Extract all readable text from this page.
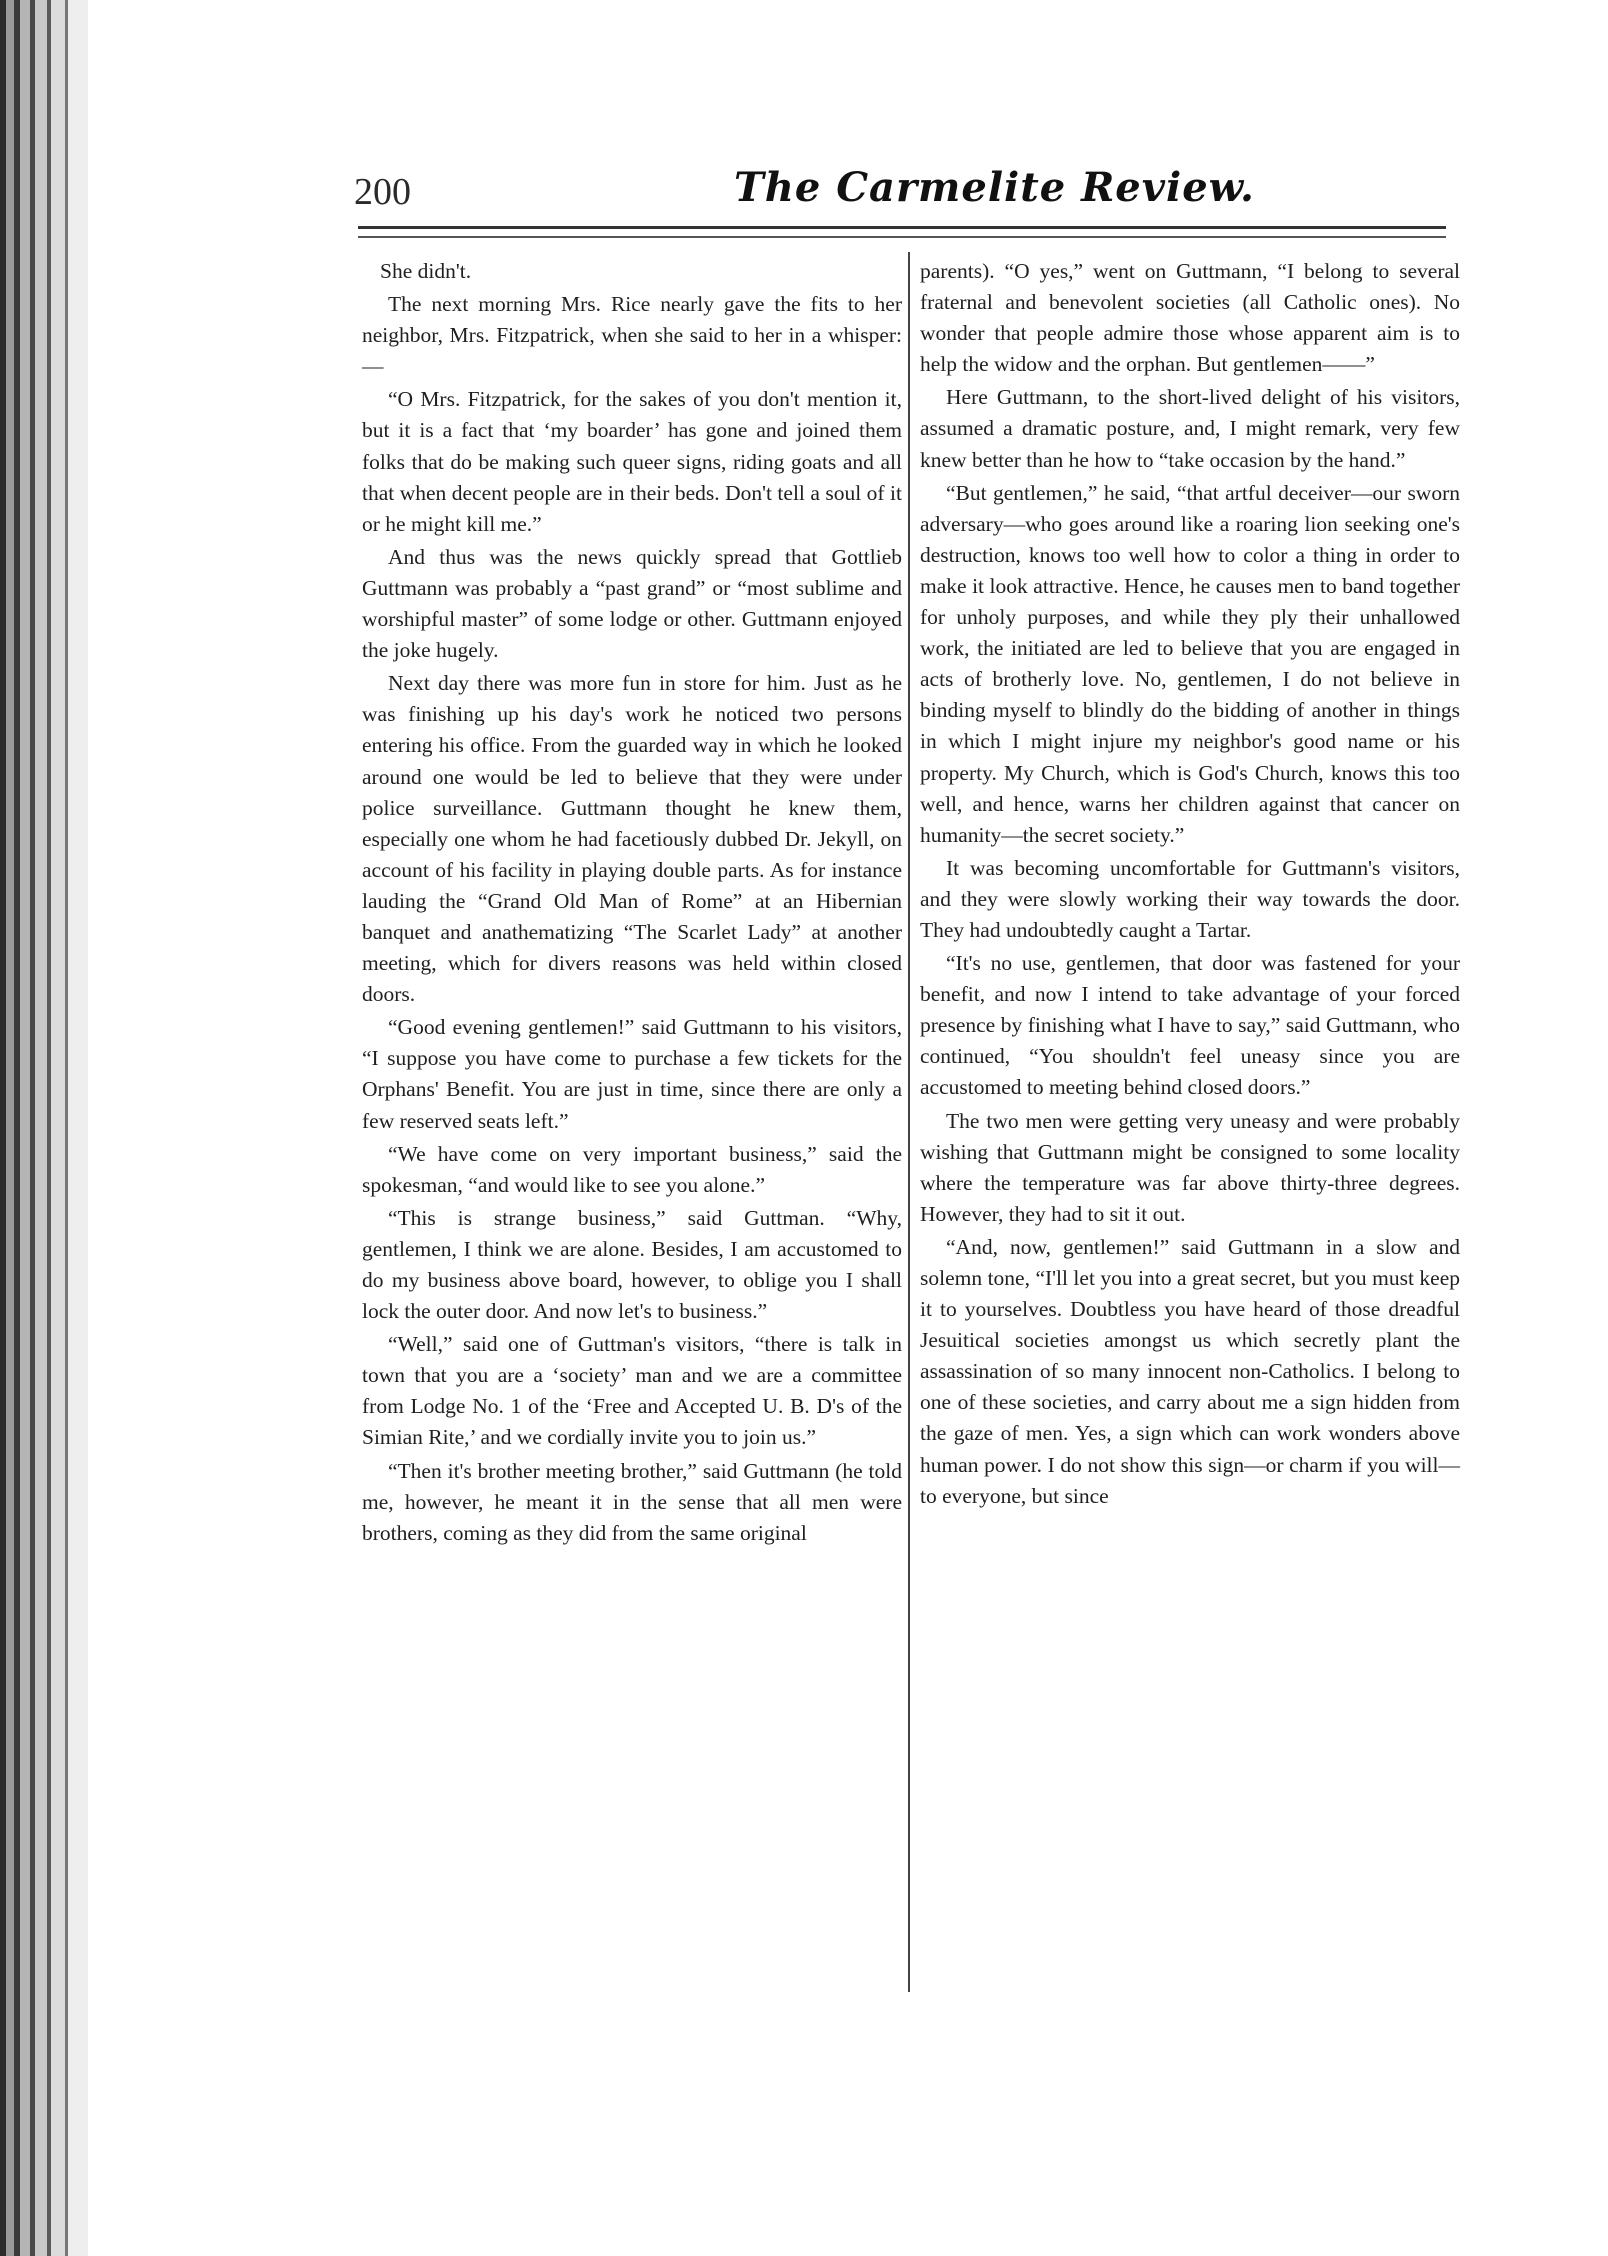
200	The Carmelite Review.

She didn't.

The next morning Mrs. Rice nearly gave the fits to her neighbor, Mrs. Fitzpatrick, when she said to her in a whisper:—

“O Mrs. Fitzpatrick, for the sakes of you don't mention it, but it is a fact that ‘my boarder’ has gone and joined them folks that do be making such queer signs, riding goats and all that when decent people are in their beds. Don't tell a soul of it or he might kill me.”

And thus was the news quickly spread that Gottlieb Guttmann was probably a “past grand” or “most sublime and worshipful master” of some lodge or other. Guttmann enjoyed the joke hugely.

Next day there was more fun in store for him. Just as he was finishing up his day's work he noticed two persons entering his office. From the guarded way in which he looked around one would be led to believe that they were under police surveillance. Guttmann thought he knew them, especially one whom he had facetiously dubbed Dr. Jekyll, on account of his facility in playing double parts. As for instance lauding the “Grand Old Man of Rome” at an Hibernian banquet and anathematizing “The Scarlet Lady” at another meeting, which for divers reasons was held within closed doors.

“Good evening gentlemen!” said Guttmann to his visitors, “I suppose you have come to purchase a few tickets for the Orphans' Benefit. You are just in time, since there are only a few reserved seats left.”

“We have come on very important business,” said the spokesman, “and would like to see you alone.”

“This is strange business,” said Guttman. “Why, gentlemen, I think we are alone. Besides, I am accustomed to do my business above board, however, to oblige you I shall lock the outer door. And now let's to business.”

“Well,” said one of Guttman's visitors, “there is talk in town that you are a ‘society’ man and we are a committee from Lodge No. 1 of the ‘Free and Accepted U. B. D's of the Simian Rite,’ and we cordially invite you to join us.”

“Then it's brother meeting brother,” said Guttmann (he told me, however, he meant it in the sense that all men were brothers, coming as they did from the same original

parents). “O yes,” went on Guttmann, “I belong to several fraternal and benevolent societies (all Catholic ones). No wonder that people admire those whose apparent aim is to help the widow and the orphan. But gentlemen——”

Here Guttmann, to the short-lived delight of his visitors, assumed a dramatic posture, and, I might remark, very few knew better than he how to “take occasion by the hand.”

“But gentlemen,” he said, “that artful deceiver—our sworn adversary—who goes around like a roaring lion seeking one's destruction, knows too well how to color a thing in order to make it look attractive. Hence, he causes men to band together for unholy purposes, and while they ply their unhallowed work, the initiated are led to believe that you are engaged in acts of brotherly love. No, gentlemen, I do not believe in binding myself to blindly do the bidding of another in things in which I might injure my neighbor's good name or his property. My Church, which is God's Church, knows this too well, and hence, warns her children against that cancer on humanity—the secret society.”

It was becoming uncomfortable for Guttmann's visitors, and they were slowly working their way towards the door. They had undoubtedly caught a Tartar.

“It's no use, gentlemen, that door was fastened for your benefit, and now I intend to take advantage of your forced presence by finishing what I have to say,” said Guttmann, who continued, “You shouldn't feel uneasy since you are accustomed to meeting behind closed doors.”

The two men were getting very uneasy and were probably wishing that Guttmann might be consigned to some locality where the temperature was far above thirty-three degrees. However, they had to sit it out.

“And, now, gentlemen!” said Guttmann in a slow and solemn tone, “I'll let you into a great secret, but you must keep it to yourselves. Doubtless you have heard of those dreadful Jesuitical societies amongst us which secretly plant the assassination of so many innocent non-Catholics. I belong to one of these societies, and carry about me a sign hidden from the gaze of men. Yes, a sign which can work wonders above human power. I do not show this sign—or charm if you will—to everyone, but since
